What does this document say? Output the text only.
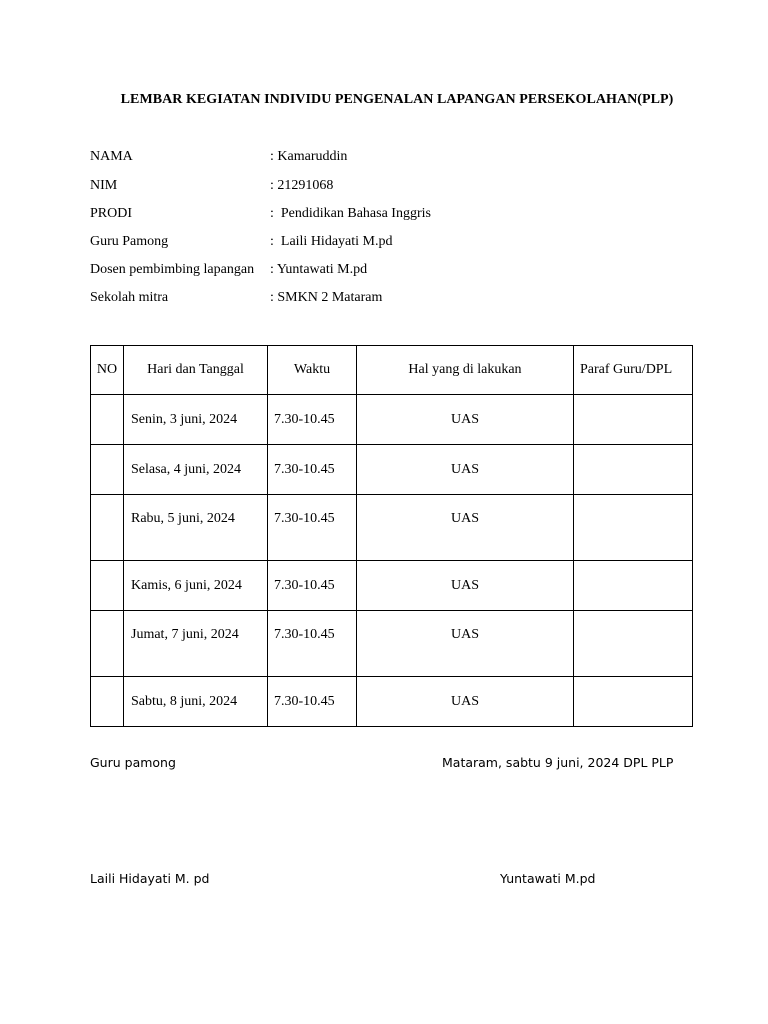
LEMBAR KEGIATAN INDIVIDU PENGENALAN LAPANGAN PERSEKOLAHAN(PLP)

NAMA

	: Kamaruddin

NIM

	: 21291068

PRODI

	:  Pendidikan Bahasa Inggris

Guru Pamong

	:  Laili Hidayati M.pd

Dosen pembimbing lapangan

: Yuntawati M.pd

Sekolah mitra

	: SMKN 2 Mataram

NO	Hari dan Tanggal	Waktu	Hal yang di lakukan	Paraf Guru/DPL
	Senin, 3 juni, 2024	7.30-10.45	UAS	
	Selasa, 4 juni, 2024	7.30-10.45	UAS	

	Rabu, 5 juni, 2024	7.30-10.45	UAS	

	Kamis, 6 juni, 2024	7.30-10.45	UAS	

	Jumat, 7 juni, 2024	7.30-10.45	UAS	

	Sabtu, 8 juni, 2024	7.30-10.45	UAS	
Guru pamong	Mataram, sabtu 9 juni, 2024 DPL PLP
Laili Hidayati M. pd	Yuntawati M.pd
